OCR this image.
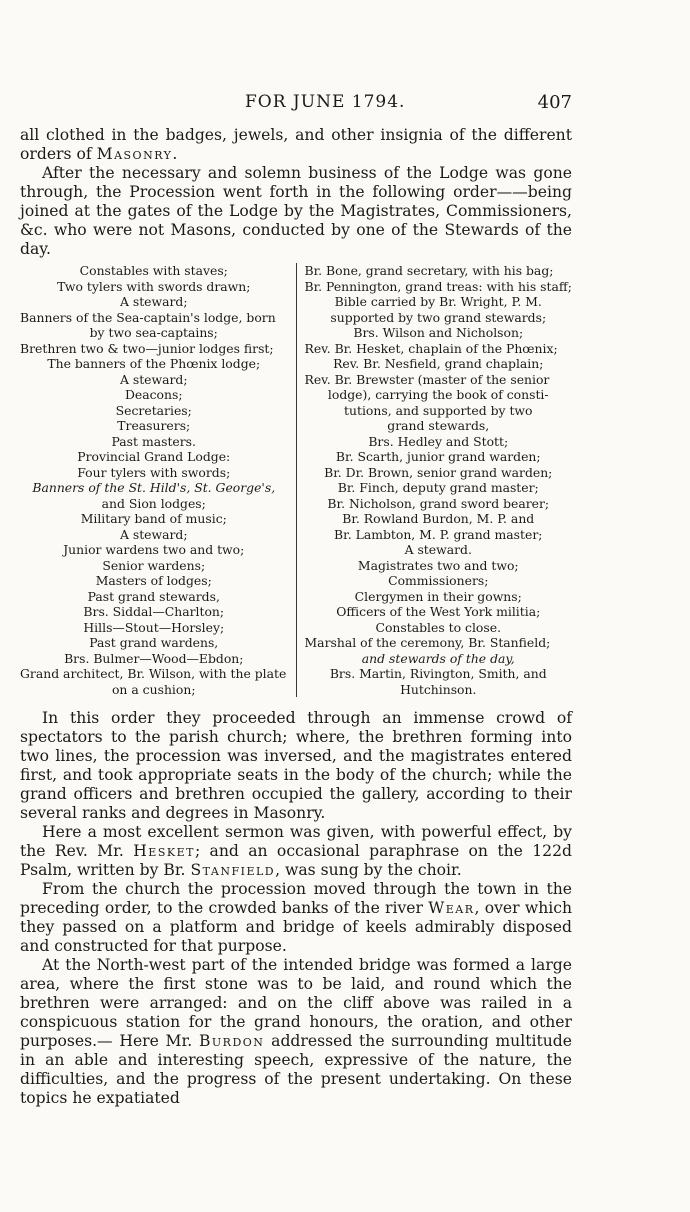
FOR JUNE 1794.	407

all clothed in the badges, jewels, and other insignia of the different orders of Masonry.

After the necessary and solemn business of the Lodge was gone through, the Procession went forth in the following order——being joined at the gates of the Lodge by the Magistrates, Commissioners, &c. who were not Masons, conducted by one of the Stewards of the day.

Constables with staves;
Two tylers with swords drawn;
A steward;
Banners of the Sea-captain's lodge, born
by two sea-captains;
Brethren two & two—junior lodges first;
The banners of the Phœnix lodge;
A steward;
Deacons;
Secretaries;
Treasurers;
Past masters.
Provincial Grand Lodge:
Four tylers with swords;
Banners of the St. Hild's, St. George's,
and Sion lodges;
Military band of music;
A steward;
Junior wardens two and two;
Senior wardens;
Masters of lodges;
Past grand stewards,
Brs. Siddal—Charlton;
Hills—Stout—Horsley;
Past grand wardens,
Brs. Bulmer—Wood—Ebdon;
Grand architect, Br. Wilson, with the plate
on a cushion;
Br. Bone, grand secretary, with his bag;
Br. Pennington, grand treas: with his staff;
Bible carried by Br. Wright, P. M.
supported by two grand stewards;
Brs. Wilson and Nicholson;
Rev. Br. Hesket, chaplain of the Phœnix;
Rev. Br. Nesfield, grand chaplain;
Rev. Br. Brewster (master of the senior
lodge), carrying the book of consti-
tutions, and supported by two
grand stewards,
Brs. Hedley and Stott;
Br. Scarth, junior grand warden;
Br. Dr. Brown, senior grand warden;
Br. Finch, deputy grand master;
Br. Nicholson, grand sword bearer;
Br. Rowland Burdon, M. P. and
Br. Lambton, M. P. grand master;
A steward.
Magistrates two and two;
Commissioners;
Clergymen in their gowns;
Officers of the West York militia;
Constables to close.
Marshal of the ceremony, Br. Stanfield;
and stewards of the day,
Brs. Martin, Rivington, Smith, and
Hutchinson.

In this order they proceeded through an immense crowd of spectators to the parish church; where, the brethren forming into two lines, the procession was inversed, and the magistrates entered first, and took appropriate seats in the body of the church; while the grand officers and brethren occupied the gallery, according to their several ranks and degrees in Masonry.

Here a most excellent sermon was given, with powerful effect, by the Rev. Mr. Hesket; and an occasional paraphrase on the 122d Psalm, written by Br. Stanfield, was sung by the choir.

From the church the procession moved through the town in the preceding order, to the crowded banks of the river Wear, over which they passed on a platform and bridge of keels admirably disposed and constructed for that purpose.

At the North-west part of the intended bridge was formed a large area, where the first stone was to be laid, and round which the brethren were arranged: and on the cliff above was railed in a conspicuous station for the grand honours, the oration, and other purposes.— Here Mr. Burdon addressed the surrounding multitude in an able and interesting speech, expressive of the nature, the difficulties, and the progress of the present undertaking. On these topics he expatiated
